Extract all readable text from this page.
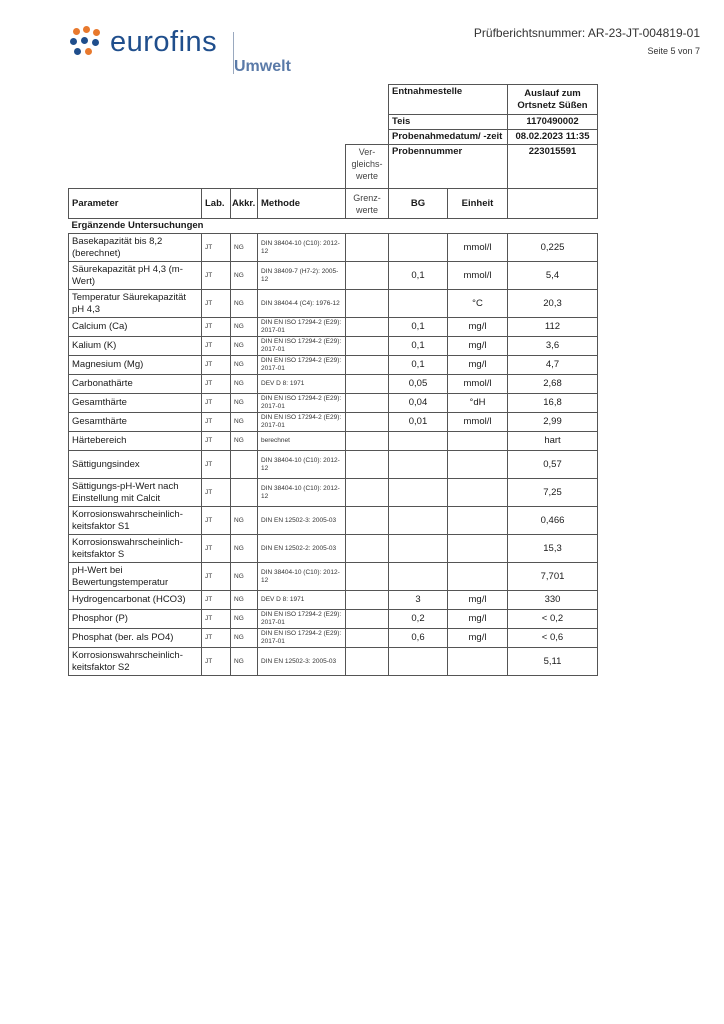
eurofins
Umwelt
Prüfberichtsnummer: AR-23-JT-004819-01
Seite 5 von 7
					Entnahmestelle		Auslauf zum Ortsnetz Süßen
					Teis		1170490002
					Probenahmedatum/ -zeit		08.02.2023 11:35
				Ver-gleichs-werte	Probennummer		223015591
Parameter	Lab.	Akkr.	Methode	Grenz-werte	BG	Einheit	
Ergänzende Untersuchungen							
Basekapazität bis 8,2 (berechnet)	JT	NG	DIN 38404-10 (C10): 2012-12			mmol/l	0,225
Säurekapazität pH 4,3 (m-Wert)	JT	NG	DIN 38409-7 (H7-2): 2005-12		0,1	mmol/l	5,4
Temperatur Säurekapazität pH 4,3	JT	NG	DIN 38404-4 (C4): 1976-12			°C	20,3
Calcium (Ca)	JT	NG	DIN EN ISO 17294-2 (E29): 2017-01		0,1	mg/l	112
Kalium (K)	JT	NG	DIN EN ISO 17294-2 (E29): 2017-01		0,1	mg/l	3,6
Magnesium (Mg)	JT	NG	DIN EN ISO 17294-2 (E29): 2017-01		0,1	mg/l	4,7
Carbonathärte	JT	NG	DEV D 8: 1971		0,05	mmol/l	2,68
Gesamthärte	JT	NG	DIN EN ISO 17294-2 (E29): 2017-01		0,04	°dH	16,8
Gesamthärte	JT	NG	DIN EN ISO 17294-2 (E29): 2017-01		0,01	mmol/l	2,99
Härtebereich	JT	NG	berechnet				hart
Sättigungsindex	JT		DIN 38404-10 (C10): 2012-12				0,57
Sättigungs-pH-Wert nach Einstellung mit Calcit	JT		DIN 38404-10 (C10): 2012-12				7,25
Korrosionswahrscheinlich-keitsfaktor S1	JT	NG	DIN EN 12502-3: 2005-03				0,466
Korrosionswahrscheinlich-keitsfaktor S	JT	NG	DIN EN 12502-2: 2005-03				15,3
pH-Wert bei Bewertungstemperatur	JT	NG	DIN 38404-10 (C10): 2012-12				7,701
Hydrogencarbonat (HCO3)	JT	NG	DEV D 8: 1971		3	mg/l	330
Phosphor (P)	JT	NG	DIN EN ISO 17294-2 (E29): 2017-01		0,2	mg/l	< 0,2
Phosphat (ber. als PO4)	JT	NG	DIN EN ISO 17294-2 (E29): 2017-01		0,6	mg/l	< 0,6
Korrosionswahrscheinlich-keitsfaktor S2	JT	NG	DIN EN 12502-3: 2005-03				5,11
